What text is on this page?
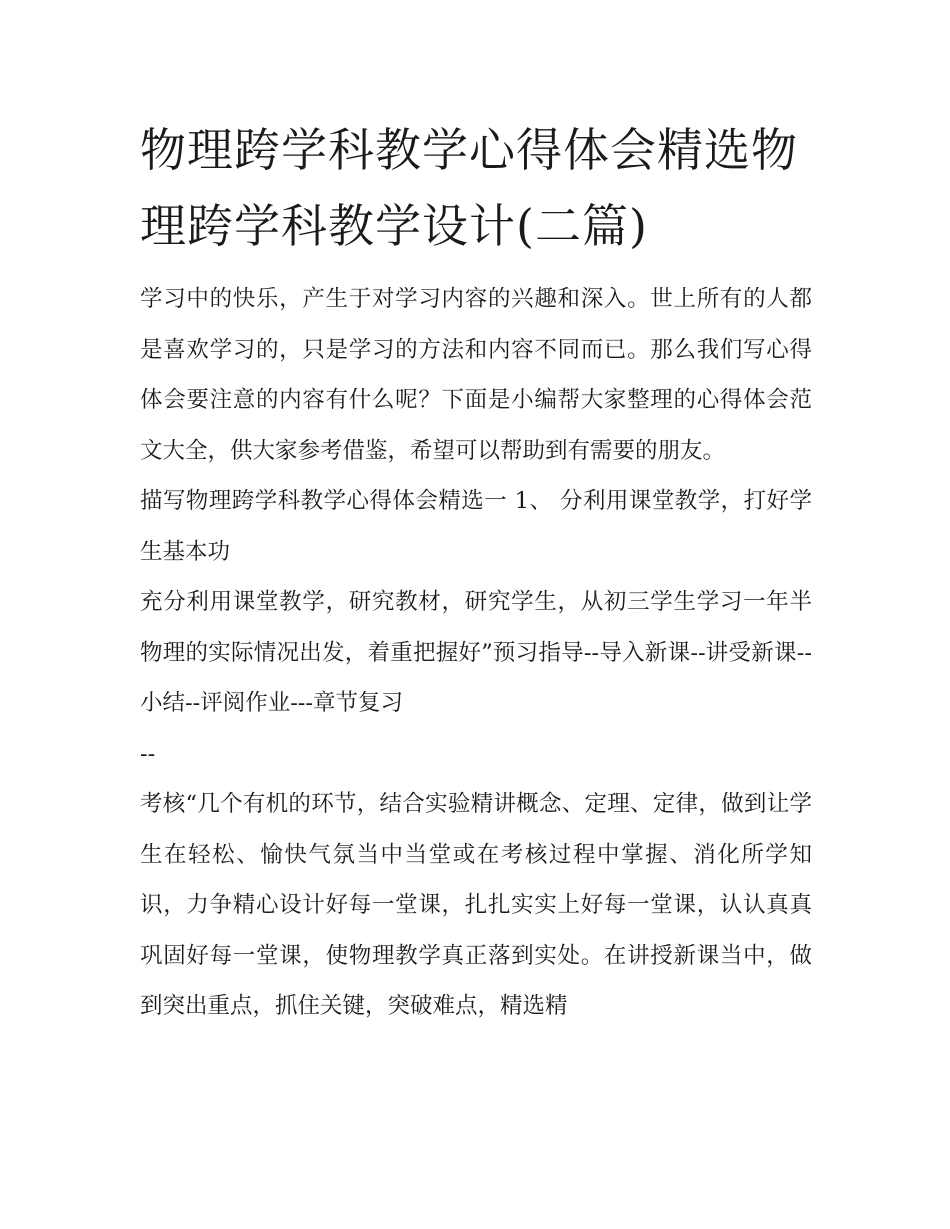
物理跨学科教学心得体会精选物理跨学科教学设计(二篇)

学习中的快乐，产生于对学习内容的兴趣和深入。世上所有的人都是喜欢学习的，只是学习的方法和内容不同而已。那么我们写心得体会要注意的内容有什么呢？下面是小编帮大家整理的心得体会范文大全，供大家参考借鉴，希望可以帮助到有需要的朋友。

描写物理跨学科教学心得体会精选一 1、 分利用课堂教学，打好学生基本功

充分利用课堂教学，研究教材，研究学生，从初三学生学习一年半物理的实际情况出发，着重把握好”预习指导--导入新课--讲受新课--小结--评阅作业---章节复习

--

考核“几个有机的环节，结合实验精讲概念、定理、定律，做到让学生在轻松、愉快气氛当中当堂或在考核过程中掌握、消化所学知识，力争精心设计好每一堂课，扎扎实实上好每一堂课，认认真真巩固好每一堂课，使物理教学真正落到实处。在讲授新课当中，做到突出重点，抓住关键，突破难点，精选精
